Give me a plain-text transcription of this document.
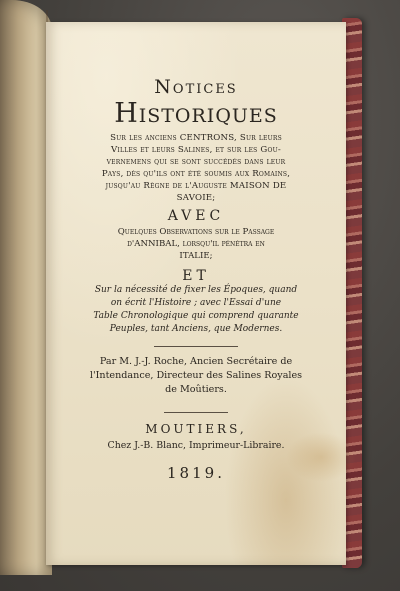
Notices
Historiques
Sur les anciens CENTRONS, Sur leurs
Villes et leurs Salines, et sur les Gou-
vernemens qui se sont succédés dans leur
Pays, dès qu'ils ont été soumis aux Romains,
jusqu'au Règne de l'Auguste MAISON DE
SAVOIE;
AVEC
Quelques Observations sur le Passage
d'ANNIBAL, lorsqu'il pénétra en
ITALIE;
ET
Sur la nécessité de fixer les Époques, quand
on écrit l'Histoire ; avec l'Essai d'une
Table Chronologique qui comprend quarante
Peuples, tant Anciens, que Modernes.
Par M. J.-J. Roche, Ancien Secrétaire de
l'Intendance, Directeur des Salines Royales
de Moûtiers.
MOUTIERS,
Chez J.-B. Blanc, Imprimeur-Libraire.
1819.
